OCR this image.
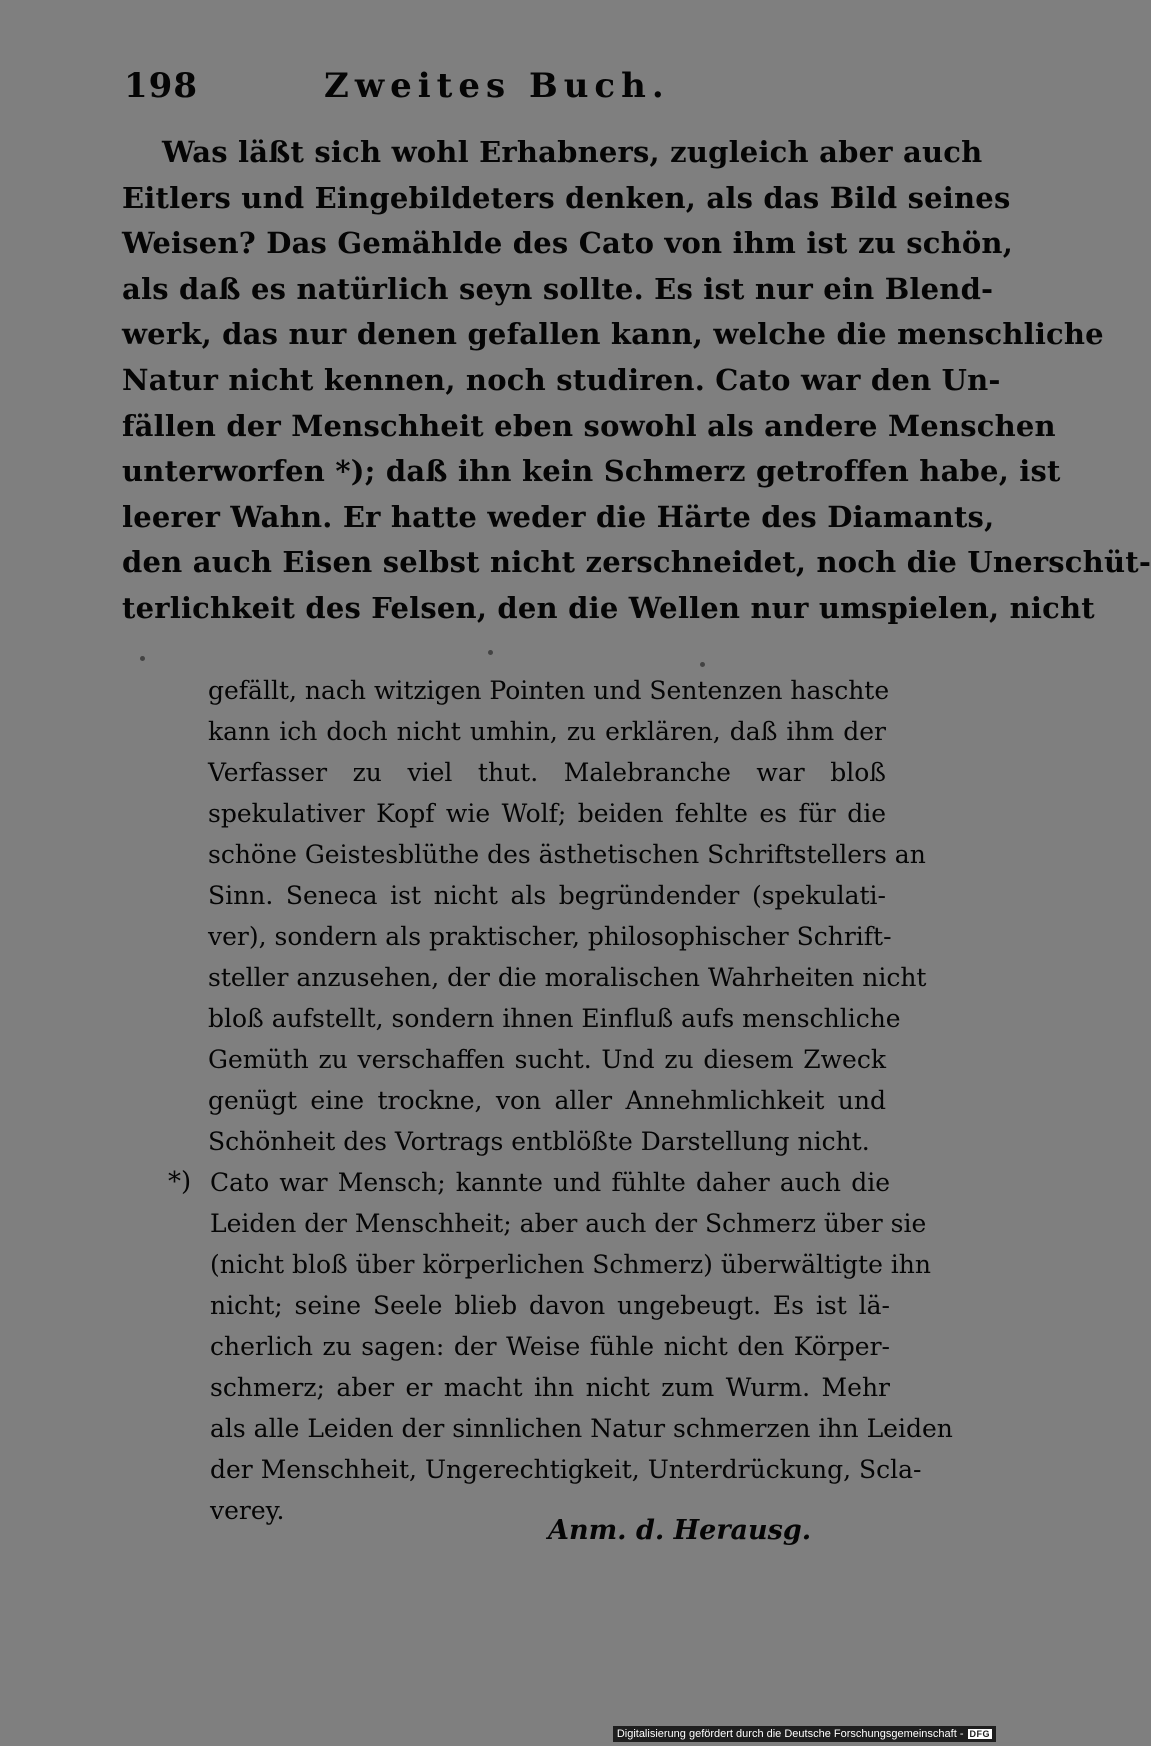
198	Zweites Buch.
Was läßt sich wohl Erhabners, zugleich aber auch
Eitlers und Eingebildeters denken, als das Bild seines
Weisen? Das Gemählde des Cato von ihm ist zu schön,
als daß es natürlich seyn sollte. Es ist nur ein Blend-
werk, das nur denen gefallen kann, welche die menschliche
Natur nicht kennen, noch studiren. Cato war den Un-
fällen der Menschheit eben sowohl als andere Menschen
unterworfen *); daß ihn kein Schmerz getroffen habe, ist
leerer Wahn. Er hatte weder die Härte des Diamants,
den auch Eisen selbst nicht zerschneidet, noch die Unerschüt-
terlichkeit des Felsen, den die Wellen nur umspielen, nicht
gefällt, nach witzigen Pointen und Sentenzen haschte
kann ich doch nicht umhin, zu erklären, daß ihm der
Verfasser zu viel thut. Malebranche war bloß
spekulativer Kopf wie Wolf; beiden fehlte es für die
schöne Geistesblüthe des ästhetischen Schriftstellers an
Sinn. Seneca ist nicht als begründender (spekulati-
ver), sondern als praktischer, philosophischer Schrift-
steller anzusehen, der die moralischen Wahrheiten nicht
bloß aufstellt, sondern ihnen Einfluß aufs menschliche
Gemüth zu verschaffen sucht. Und zu diesem Zweck
genügt eine trockne, von aller Annehmlichkeit und
Schönheit des Vortrags entblößte Darstellung nicht.
*) Cato war Mensch; kannte und fühlte daher auch die
Leiden der Menschheit; aber auch der Schmerz über sie
(nicht bloß über körperlichen Schmerz) überwältigte ihn
nicht; seine Seele blieb davon ungebeugt. Es ist lä-
cherlich zu sagen: der Weise fühle nicht den Körper-
schmerz; aber er macht ihn nicht zum Wurm. Mehr
als alle Leiden der sinnlichen Natur schmerzen ihn Leiden
der Menschheit, Ungerechtigkeit, Unterdrückung, Scla-
verey.
Anm. d. Herausg.
Digitalisierung gefördert durch die Deutsche Forschungsgemeinschaft - DFG
